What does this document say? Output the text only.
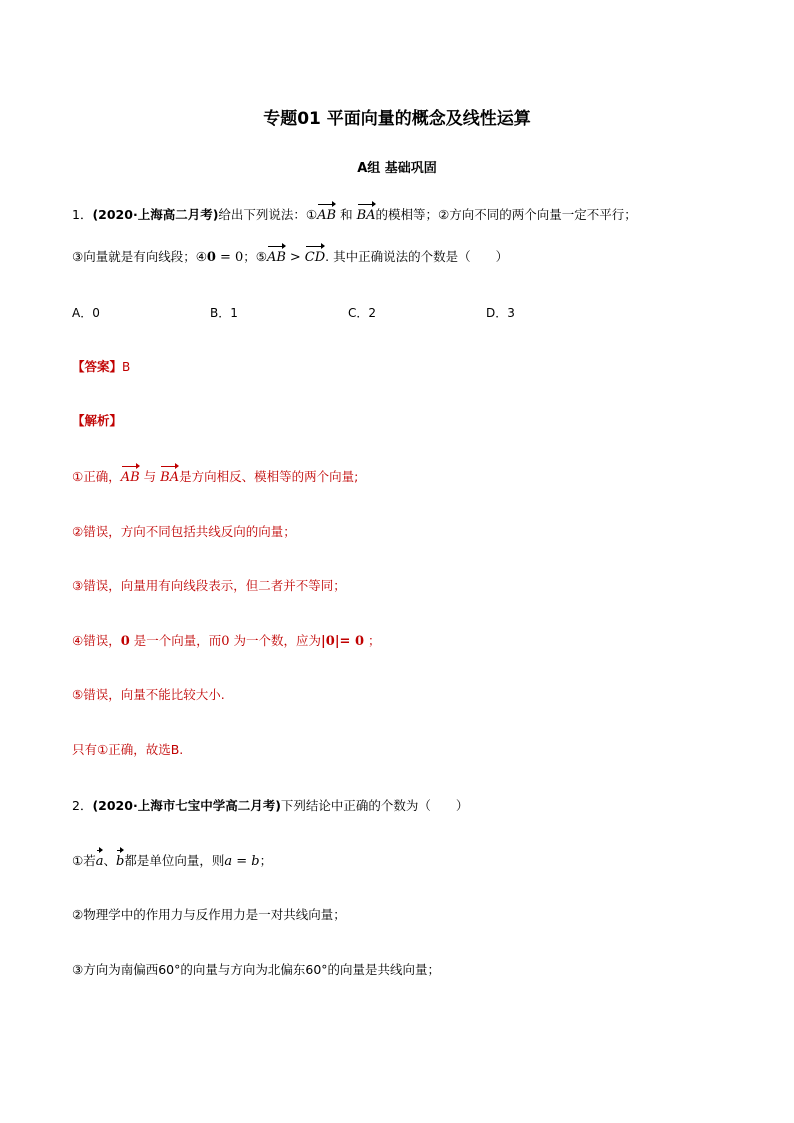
专题01 平面向量的概念及线性运算
A组 基础巩固
1．(2020·上海高二月考)给出下列说法：①AB 和 BA的模相等；②方向不同的两个向量一定不平行；
③向量就是有向线段；④0 = 0；⑤AB > CD. 其中正确说法的个数是（　　）
A．0	B．1	C．2	D．3
【答案】B
【解析】
①正确，AB 与 BA是方向相反、模相等的两个向量;
②错误，方向不同包括共线反向的向量；
③错误，向量用有向线段表示，但二者并不等同；
④错误，0 是一个向量，而0 为一个数，应为|0|= 0 ；
⑤错误，向量不能比较大小.
只有①正确，故选B.
2．(2020·上海市七宝中学高二月考)下列结论中正确的个数为（　　）
①若a、b都是单位向量，则a = b；
②物理学中的作用力与反作用力是一对共线向量；
③方向为南偏西60°的向量与方向为北偏东60°的向量是共线向量；
